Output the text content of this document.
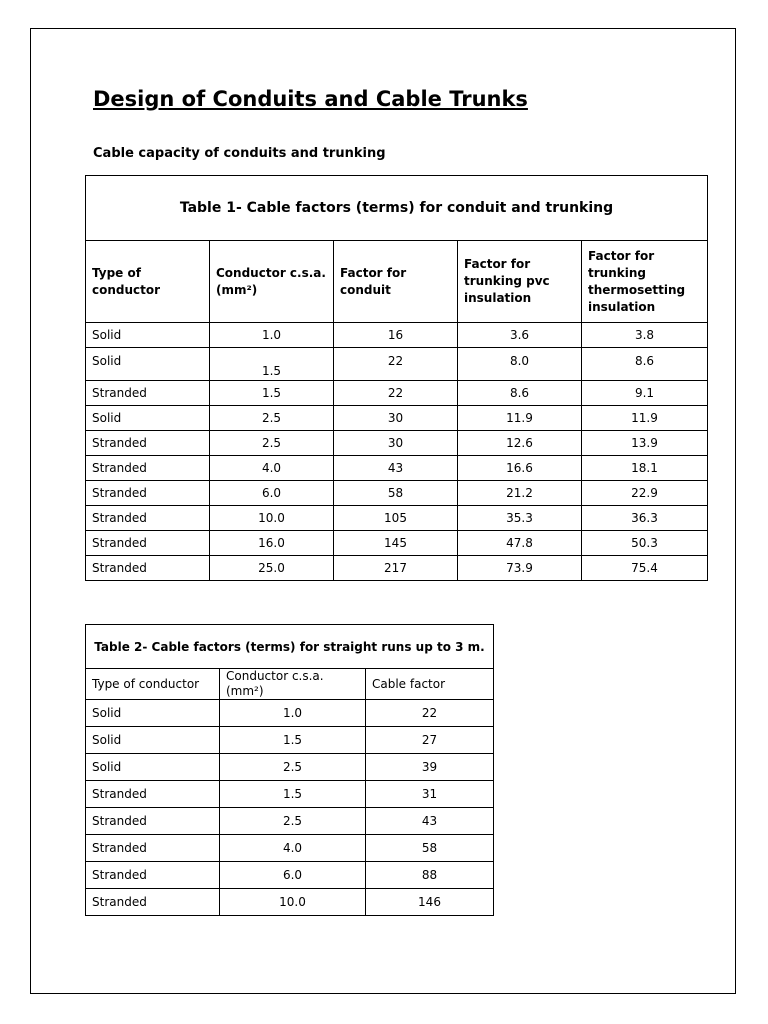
Design of Conduits and Cable Trunks
Cable capacity of conduits and trunking
Table 1- Cable factors (terms) for conduit and trunking				
Type of conductor	Conductor c.s.a. (mm²)	Factor for conduit	Factor for trunking pvc insulation	Factor for trunking thermosetting insulation
Solid	1.0	16	3.6	3.8
Solid	1.5	22	8.0	8.6
Stranded	1.5	22	8.6	9.1
Solid	2.5	30	11.9	11.9
Stranded	2.5	30	12.6	13.9
Stranded	4.0	43	16.6	18.1
Stranded	6.0	58	21.2	22.9
Stranded	10.0	105	35.3	36.3
Stranded	16.0	145	47.8	50.3
Stranded	25.0	217	73.9	75.4
Table 2- Cable factors (terms) for straight runs up to 3 m.		
Type of conductor	Conductor c.s.a. (mm²)	Cable factor
Solid	1.0	22
Solid	1.5	27
Solid	2.5	39
Stranded	1.5	31
Stranded	2.5	43
Stranded	4.0	58
Stranded	6.0	88
Stranded	10.0	146
